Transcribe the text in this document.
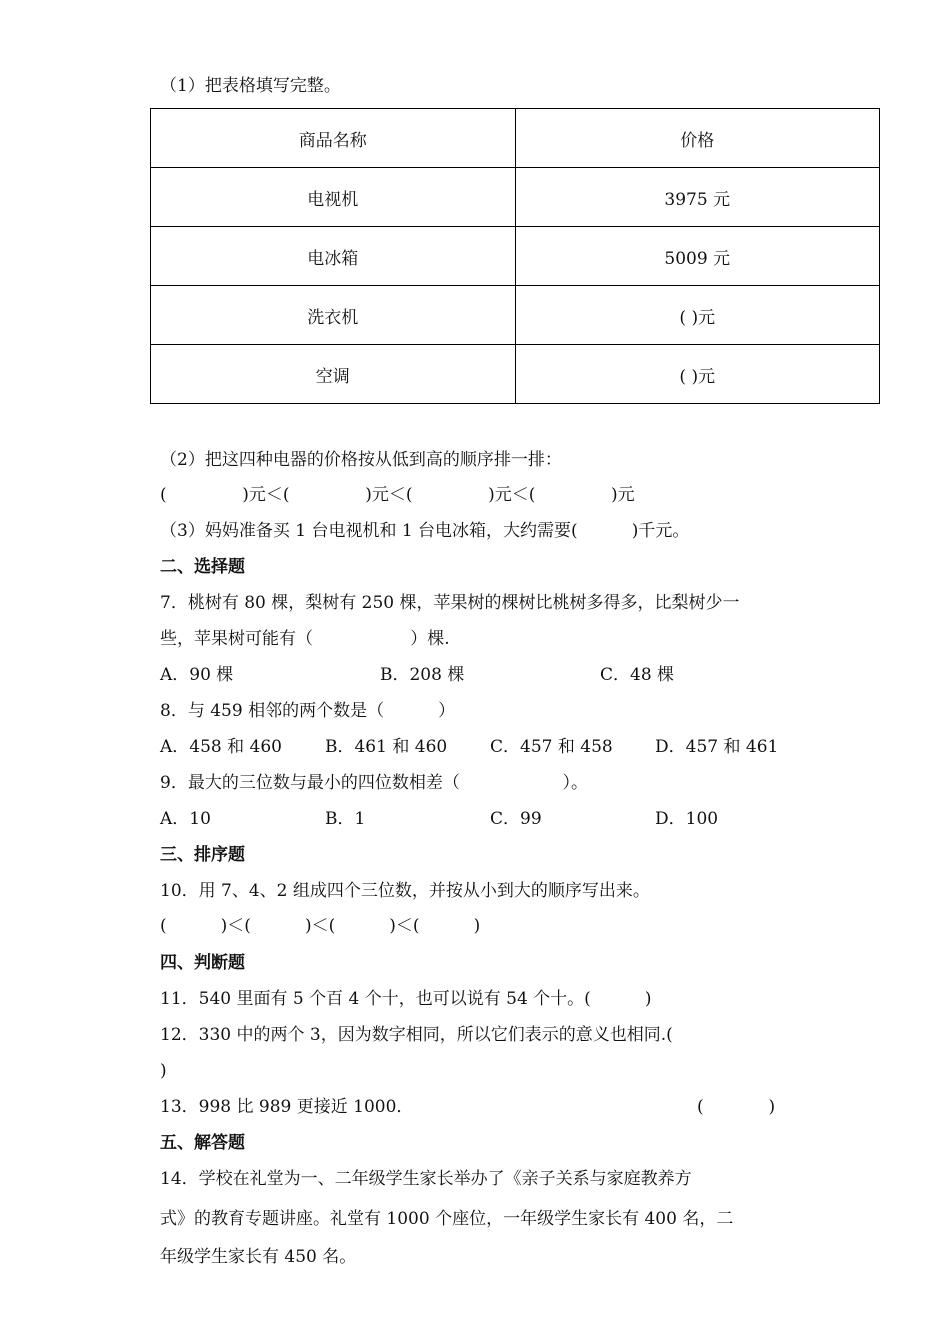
（1）把表格填写完整。
商品名称	价格
电视机	3975 元
电冰箱	5009 元
洗衣机	( )元
空调	( )元
（2）把这四种电器的价格按从低到高的顺序排一排：
(              )元＜(              )元＜(              )元＜(              )元
（3）妈妈准备买 1 台电视机和 1 台电冰箱，大约需要(          )千元。
二、选择题
7．桃树有 80 棵，梨树有 250 棵，苹果树的棵树比桃树多得多，比梨树少一
些，苹果树可能有（                  ）棵.
A．90 棵	B．208 棵	C．48 棵
8．与 459 相邻的两个数是（          ）
A．458 和 460	B．461 和 460	C．457 和 458 D．457 和 461
9．最大的三位数与最小的四位数相差（                   ）。
A．10	B．1	C．99	D．100
三、排序题
10．用 7、4、2 组成四个三位数，并按从小到大的顺序写出来。
(          )＜(          )＜(          )＜(          )
四、判断题
11．540 里面有 5 个百 4 个十，也可以说有 54 个十。(          )
12．330 中的两个 3，因为数字相同，所以它们表示的意义也相同.(
)
13．998 比 989 更接近 1000．	(            )
五、解答题
14．学校在礼堂为一、二年级学生家长举办了《亲子关系与家庭教养方
式》的教育专题讲座。礼堂有 1000 个座位，一年级学生家长有 400 名，二
年级学生家长有 450 名。
